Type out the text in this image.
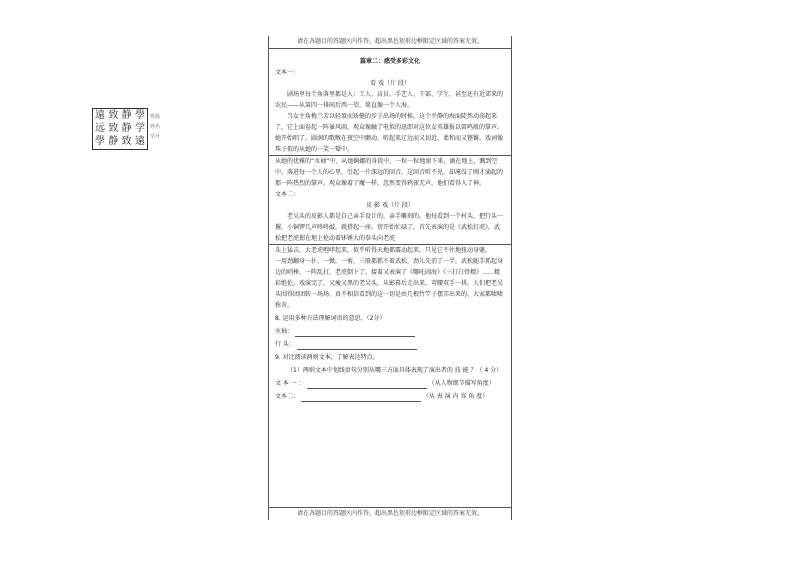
遠 致 静 學
远 致 静 学
學 静 致 遠
班级
姓名
学号
请在各题目的答题区内作答，超出黑色矩形边框限定区域的答案无效。
篇章二：感受多彩文化
文本一：
看 戏（片 段）
剧场里每个角落里都是人：工人、店员、手艺人、干部、学生，甚至还有近郊来的农民——从第四一排间后西一望，简直像一个人海。
当女主角梅兰芳以轻盈而矫健的步子出场的时候，这个平静的海面陡然动荡起来了，它上面卷起一阵暴风雨，观众像触了电似的迅即对这位女英雄报以雷鸣般的掌声。她开始唱了，圆润的歌喉在夜空中颤动，听起来辽远而又切近，柔和而又铿锵。戏词像珠子似的从她的一笑一颦中，
从她的优雅的“水袖”中，从她婀娜的身段中，一粒一粒地滚下来，滴在地上，溅到空中，落进每一个人的心里，引起一片深远的回音。这回音听不见，却淹没了刚才涌起的那一阵热烈的掌声。观众像着了魔一样，忽然变得鸦雀无声，他们看得入了神。
文本二：
皮 影 戏（片 段）
老吴头的皮影人都是自己亲手设计的，亲手雕刻的。他每看到一个村头，把行头一撂，小铜锣几声咚咚敲，就搭起一座。傍开始忙碌了。首先表演的是《武松打虎》。武松把老虎摁在地上抡动着钵锤大的拳头向老虎
头上猛击，大老虎咆哮起来，似乎听得天地都震动起来。只见它不住地扭动身躯，
一用劲翻身一扑、一掀，一剪，三般都抓不着武松，劲儿先消了一半，武松随手抓起身边的哨棒，一阵乱打，老虎倒下了，接着又表演了《哪吒闹海》《三打白骨精》……精彩绝伦。戏演完了，又瘦又黑的老吴头，从影幕后走出来，弯腰双手一拱。人们把老吴头围得团团转一场场，真不相信看到的这一切是由几根竹竿子摆弄出来的，大家都啧啧称奇。
8. 运用多种方法理解词语的意思。（2分）
水袖：
行 头：
9. 对比阅读两则文本，了解表达特点。
（1）两则文本中划线语句分别从哪三方面具体表现了演出者的 技 能 ？（ 4 分）
文 本 一 ：	（从人物细节描写角度）
文本二：	（从 表 演 内 容 角 度）
请在各题目的答题区内作答，超出黑色矩形边框限定区域的答案无效。
